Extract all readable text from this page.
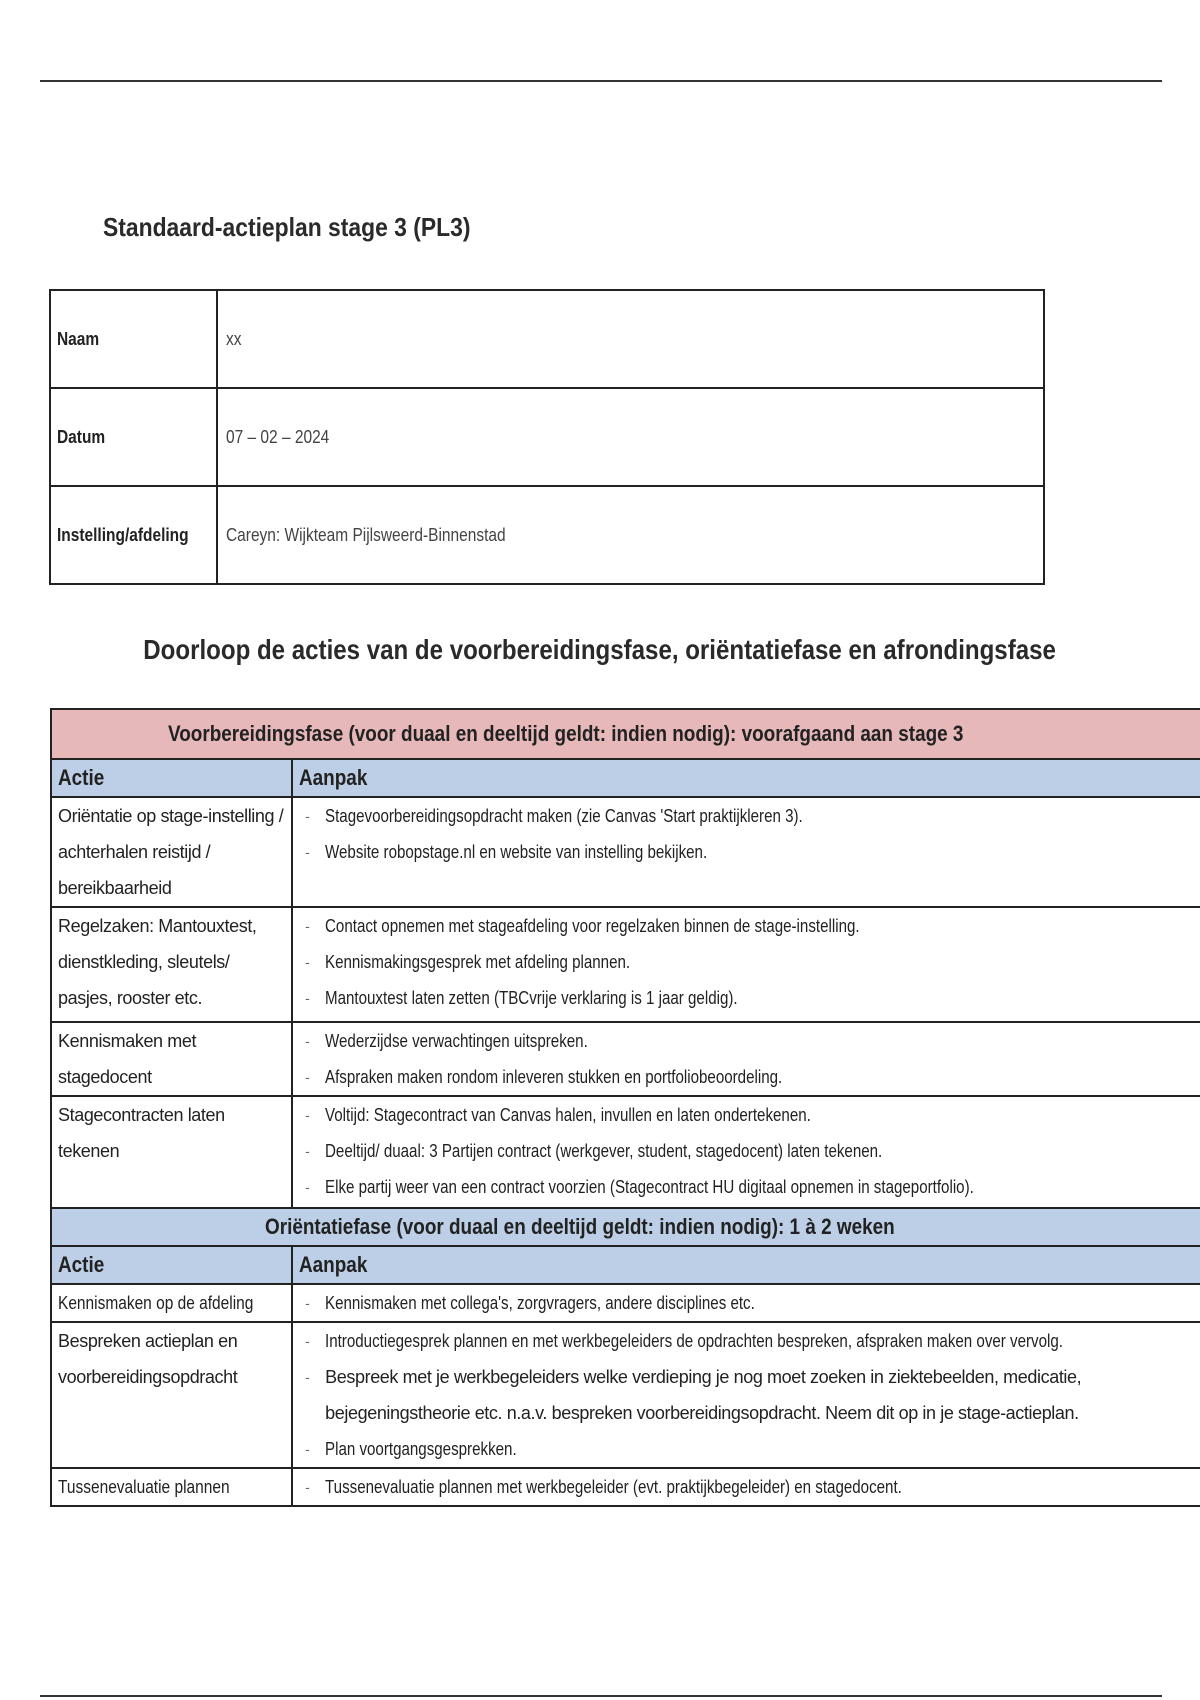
Standaard-actieplan stage 3 (PL3)
Naam	xx
Datum	07 – 02 – 2024
Instelling/afdeling	Careyn: Wijkteam Pijlsweerd-Binnenstad
Doorloop de acties van de voorbereidingsfase, oriëntatiefase en afrondingsfase
Voorbereidingsfase (voor duaal en deeltijd geldt: indien nodig): voorafgaand aan stage 3	
Actie	Aanpak

Oriëntatie op stage-instelling / achterhalen reistijd / bereikbaarheid	- Stagevoorbereidingsopdracht maken (zie Canvas 'Start praktijkleren 3).
- Website robopstage.nl en website van instelling bekijken.

Regelzaken: Mantouxtest, dienstkleding, sleutels/ pasjes, rooster etc.	- Contact opnemen met stageafdeling voor regelzaken binnen de stage-instelling.
- Kennismakingsgesprek met afdeling plannen.
- Mantouxtest laten zetten (TBCvrije verklaring is 1 jaar geldig).

Kennismaken met stagedocent	- Wederzijdse verwachtingen uitspreken.
- Afspraken maken rondom inleveren stukken en portfoliobeoordeling.

Stagecontracten laten tekenen	- Voltijd: Stagecontract van Canvas halen, invullen en laten ondertekenen.
- Deeltijd/ duaal: 3 Partijen contract (werkgever, student, stagedocent) laten tekenen.
- Elke partij weer van een contract voorzien (Stagecontract HU digitaal opnemen in stageportfolio).

Oriëntatiefase (voor duaal en deeltijd geldt: indien nodig): 1 à 2 weken	
Actie	Aanpak
Kennismaken op de afdeling	- Kennismaken met collega's, zorgvragers, andere disciplines etc.

Bespreken actieplan en voorbereidingsopdracht	- Introductiegesprek plannen en met werkbegeleiders de opdrachten bespreken, afspraken maken over vervolg.
- Bespreek met je werkbegeleiders welke verdieping je nog moet zoeken in ziektebeelden, medicatie, bejegeningstheorie etc. n.a.v. bespreken voorbereidingsopdracht. Neem dit op in je stage-actieplan.
- Plan voortgangsgesprekken.

Tussenevaluatie plannen	- Tussenevaluatie plannen met werkbegeleider (evt. praktijkbegeleider) en stagedocent.
